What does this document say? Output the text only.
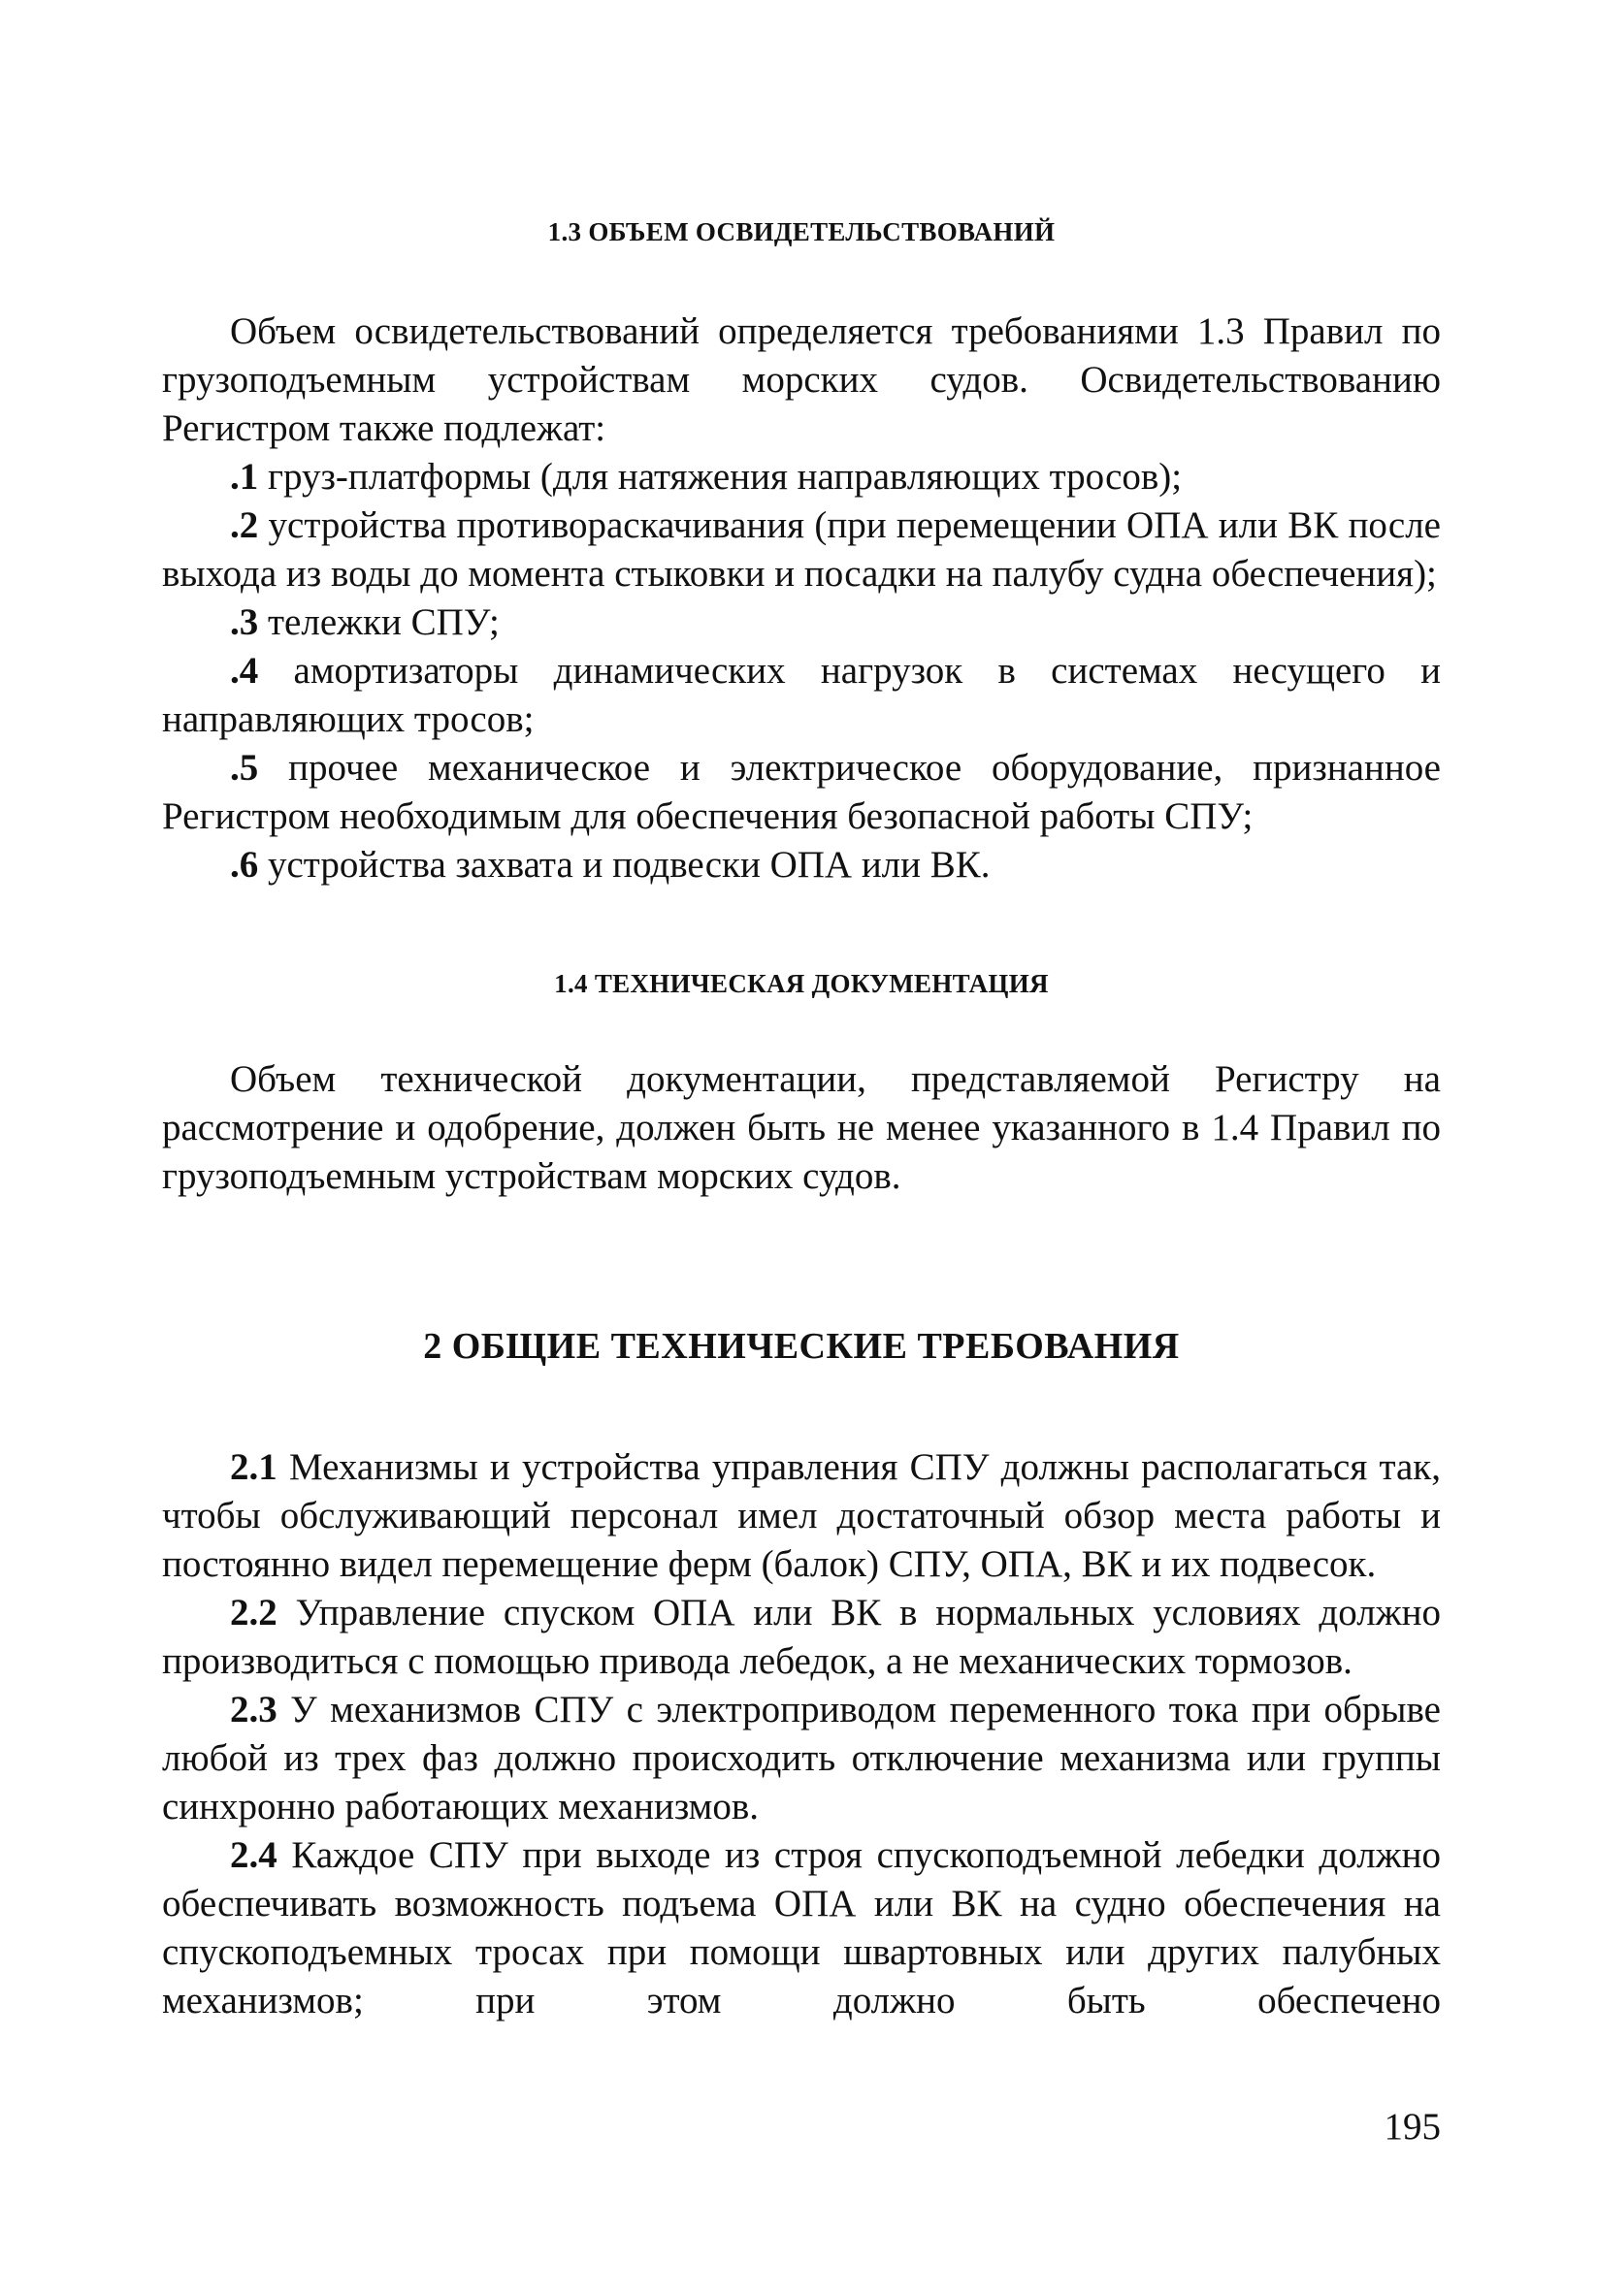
1.3 ОБЪЕМ ОСВИДЕТЕЛЬСТВОВАНИЙ

Объем освидетельствований определяется требованиями 1.3 Правил по грузоподъемным устройствам морских судов. Освидетельствованию Регистром также подлежат:

.1 груз-платформы (для натяжения направляющих тросов);

.2 устройства противораскачивания (при перемещении ОПА или ВК после выхода из воды до момента стыковки и посадки на палубу судна обеспечения);

.3 тележки СПУ;

.4 амортизаторы динамических нагрузок в системах несущего и направляющих тросов;

.5 прочее механическое и электрическое оборудование, признанное Регистром необходимым для обеспечения безопасной работы СПУ;

.6 устройства захвата и подвески ОПА или ВК.

1.4 ТЕХНИЧЕСКАЯ ДОКУМЕНТАЦИЯ

Объем технической документации, представляемой Регистру на рассмотрение и одобрение, должен быть не менее указанного в 1.4 Правил по грузоподъемным устройствам морских судов.

2 ОБЩИЕ ТЕХНИЧЕСКИЕ ТРЕБОВАНИЯ

2.1 Механизмы и устройства управления СПУ должны располагаться так, чтобы обслуживающий персонал имел достаточный обзор места работы и постоянно видел перемещение ферм (балок) СПУ, ОПА, ВК и их подвесок.

2.2 Управление спуском ОПА или ВК в нормальных условиях должно производиться с помощью привода лебедок, а не механических тормозов.

2.3 У механизмов СПУ с электроприводом переменного тока при обрыве любой из трех фаз должно происходить отключение механизма или группы синхронно работающих механизмов.

2.4 Каждое СПУ при выходе из строя спускоподъемной лебедки должно обеспечивать возможность подъема ОПА или ВК на судно обеспечения на спускоподъемных тросах при помощи швартовных или других палубных механизмов; при этом должно быть обеспечено

195
